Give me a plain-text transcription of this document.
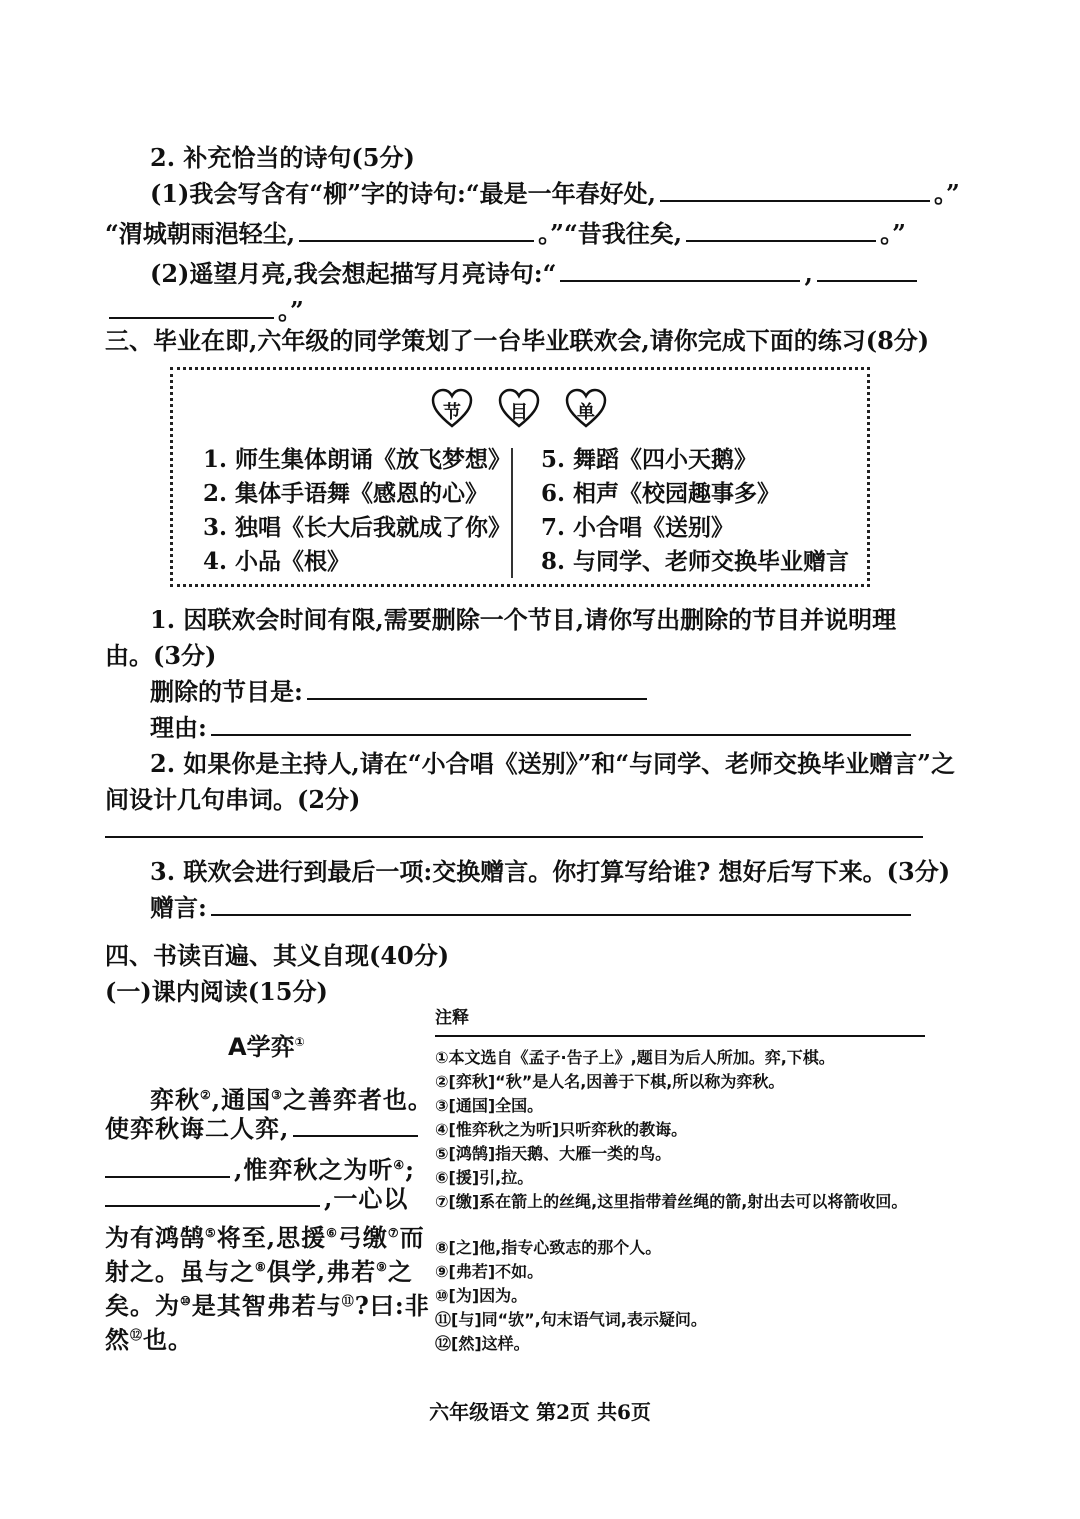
2. 补充恰当的诗句(5分)
(1)我会写含有“柳”字的诗句:“最是一年春好处,	。”
“渭城朝雨浥轻尘,	。”“昔我往矣,	。”
(2)遥望月亮,我会想起描写月亮诗句:“	,
。”
三、毕业在即,六年级的同学策划了一台毕业联欢会,请你完成下面的练习(8分)
节	目	单
1. 师生集体朗诵《放飞梦想》
2. 集体手语舞《感恩的心》
3. 独唱《长大后我就成了你》
4. 小品《根》
5. 舞蹈《四小天鹅》
6. 相声《校园趣事多》
7. 小合唱《送别》
8. 与同学、老师交换毕业赠言
1. 因联欢会时间有限,需要删除一个节目,请你写出删除的节目并说明理
由。(3分)
删除的节目是:
理由:
2. 如果你是主持人,请在“小合唱《送别》”和“与同学、老师交换毕业赠言”之
间设计几句串词。(2分)
3. 联欢会进行到最后一项:交换赠言。你打算写给谁? 想好后写下来。(3分)
赠言:
四、书读百遍、其义自现(40分)
(一)课内阅读(15分)
A学弈①
弈秋②,通国③之善弈者也。
使弈秋诲二人弈,
,惟弈秋之为听④;
,一心以
为有鸿鹄⑤将至,思援⑥弓缴⑦而
射之。虽与之⑧俱学,弗若⑨之
矣。为⑩是其智弗若与⑪?曰:非
然⑫也。
注释
①本文选自《孟子·告子上》,题目为后人所加。弈,下棋。
②[弈秋]“秋”是人名,因善于下棋,所以称为弈秋。
③[通国]全国。
④[惟弈秋之为听]只听弈秋的教诲。
⑤[鸿鹄]指天鹅、大雁一类的鸟。
⑥[援]引,拉。
⑦[缴]系在箭上的丝绳,这里指带着丝绳的箭,射出去可以将箭收回。
⑧[之]他,指专心致志的那个人。
⑨[弗若]不如。
⑩[为]因为。
⑪[与]同“欤”,句末语气词,表示疑问。
⑫[然]这样。
六年级语文 第2页 共6页
